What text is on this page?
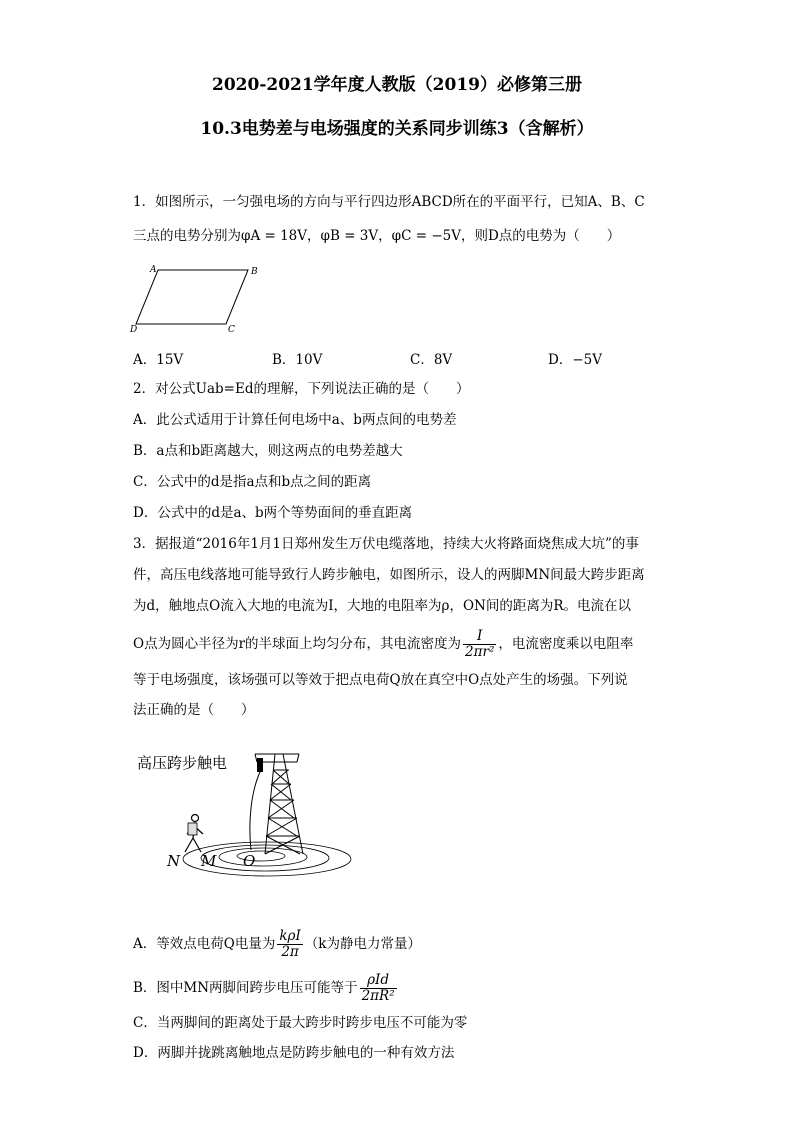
2020-2021学年度人教版（2019）必修第三册
10.3电势差与电场强度的关系同步训练3（含解析）
1．如图所示，一匀强电场的方向与平行四边形ABCD所在的平面平行，已知A、B、C
三点的电势分别为φA = 18V，φB = 3V，φC = −5V，则D点的电势为（　　）
A	B
C
D
A．15V	B．10V	C．8V	D．−5V
2．对公式Uab=Ed的理解，下列说法正确的是（　　）
A．此公式适用于计算任何电场中a、b两点间的电势差
B．a点和b距离越大，则这两点的电势差越大
C．公式中的d是指a点和b点之间的距离
D．公式中的d是a、b两个等势面间的垂直距离
3．据报道“2016年1月1日郑州发生万伏电缆落地，持续大火将路面烧焦成大坑”的事
件，高压电线落地可能导致行人跨步触电，如图所示，设人的两脚MN间最大跨步距离
为d，触地点O流入大地的电流为I，大地的电阻率为ρ，ON间的距离为R。电流在以
O点为圆心半径为r的半球面上均匀分布，其电流密度为 $\frac{I}{\text{2πr²}}$ ，电流密度乘以电阻率
等于电场强度，该场强可以等效于把点电荷Q放在真空中O点处产生的场强。下列说
法正确的是（　　）
高压跨步触电
N M O
A．等效点电荷Q电量为 $\frac{\text{kρI}}{2\pi} (k$为静电力常量）
B．图中MN两脚间跨步电压可能等于 $\frac{\text{ρId}}{\text{2πR²}}$
C．当两脚间的距离处于最大跨步时跨步电压不可能为零
D．两脚并拢跳离触地点是防跨步触电的一种有效方法
